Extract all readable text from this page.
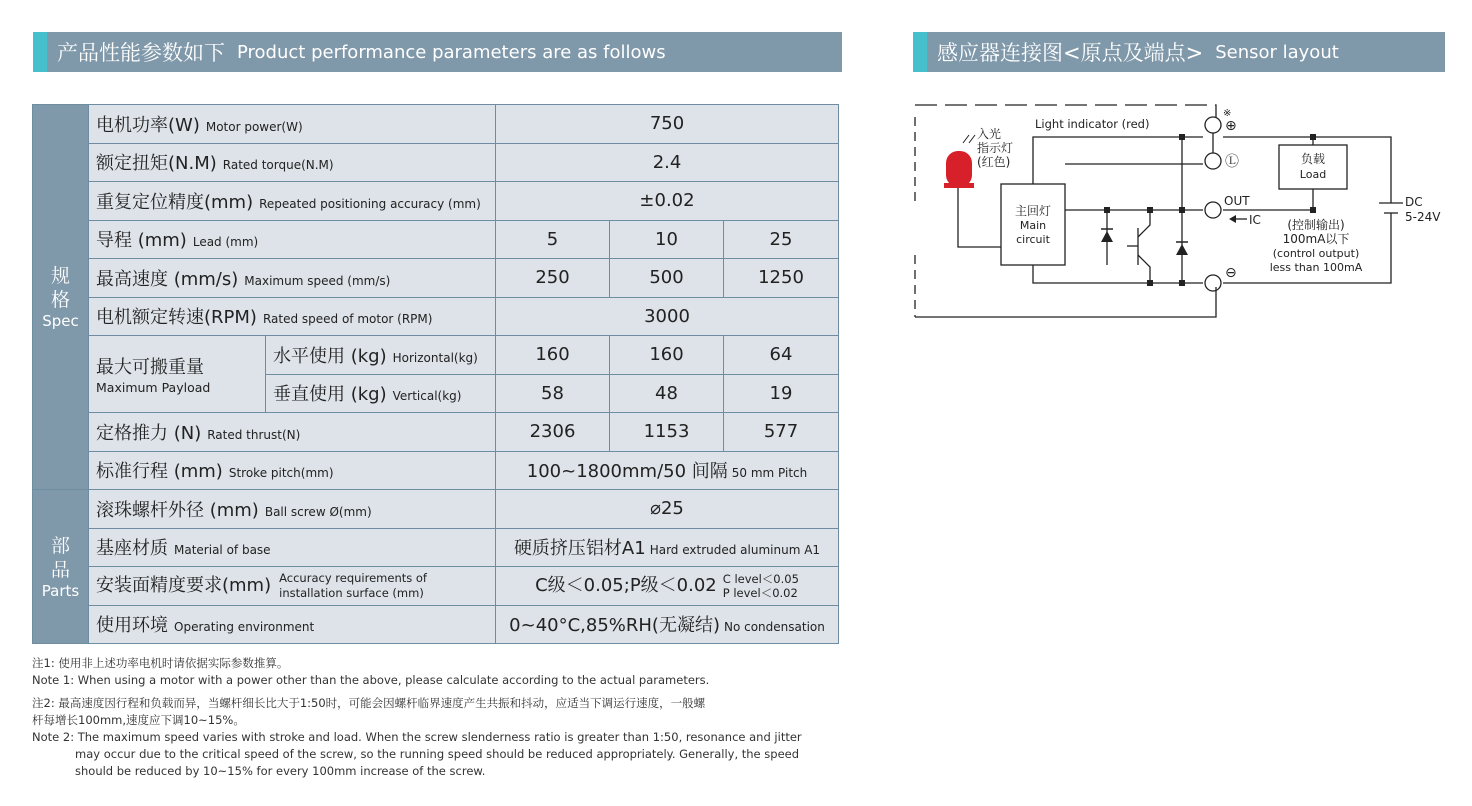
产品性能参数如下 Product performance parameters are as follows	感应器连接图<原点及端点> Sensor layout
规格
Spec	电机功率(W) Motor power(W)		750		
	额定扭矩(N.M) Rated torque(N.M)		2.4		
	重复定位精度(mm) Repeated positioning accuracy (mm)		±0.02		
	导程 (mm) Lead (mm)		5	10	25
	最高速度 (mm/s) Maximum speed (mm/s)		250	500	1250
	电机额定转速(RPM) Rated speed of motor (RPM)		3000		
	最大可搬重量
Maximum Payload	水平使用 (kg) Horizontal(kg)	160	160	64
		垂直使用 (kg) Vertical(kg)	58	48	19
	定格推力 (N) Rated thrust(N)		2306	1153	577
	标准行程 (mm) Stroke pitch(mm)		100~1800mm/50 间隔 50 mm Pitch		

部品
Parts	滚珠螺杆外径 (mm) Ball screw Ø(mm)		⌀25		
	基座材质 Material of base		硬质挤压铝材A1 Hard extruded aluminum A1		
	安装面精度要求(mm) Accuracy requirements of
installation surface (mm)		C级＜0.05;P级＜0.02 C level＜0.05
P level＜0.02		
	使用环境 Operating environment		0~40°C,85%RH(无凝结) No condensation		

注1: 使用非上述功率电机时请依据实际参数推算。

Note 1: When using a motor with a power other than the above, please calculate according to the actual parameters.

注2: 最高速度因行程和负载而异，当螺杆细长比大于1:50时，可能会因螺杆临界速度产生共振和抖动，应适当下调运行速度，一般螺

杆每增长100mm,速度应下调10~15%。

Note 2: The maximum speed varies with stroke and load. When the screw slenderness ratio is greater than 1:50, resonance and jitter

may occur due to the critical speed of the screw, so the running speed should be reduced appropriately. Generally, the speed

should be reduced by 10~15% for every 100mm increase of the screw.

入光
指示灯
(红色)
Light indicator (red)
※
⊕
Ⓛ
⊖
OUT
IC
主回灯
Main
circuit
负载
Load
(控制输出)
100mA以下
(control output)
less than 100mA
DC
5-24V
